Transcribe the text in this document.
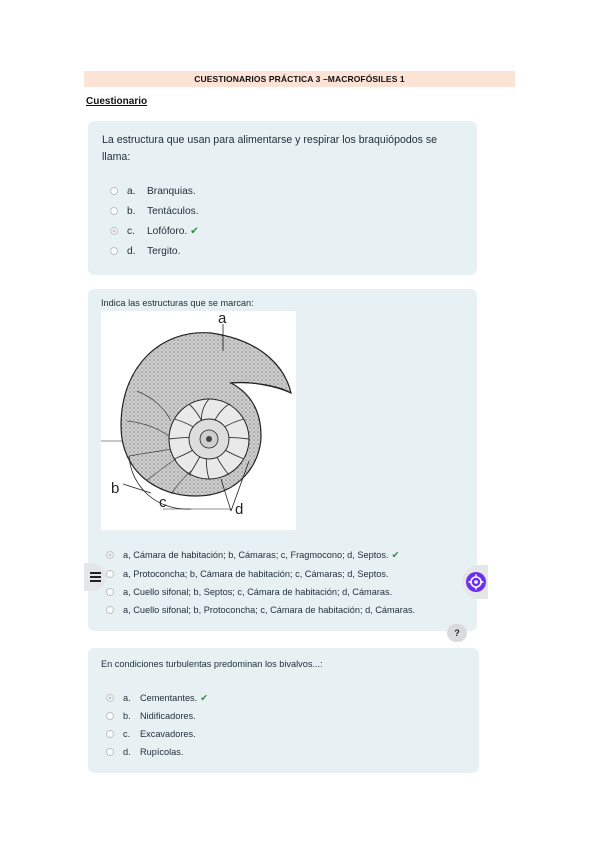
CUESTIONARIOS PRÁCTICA 3 –MACROFÓSILES 1
Cuestionario
La estructura que usan para alimentarse y respirar los braquiópodos se llama:
a.	Branquias.
b.	Tentáculos.
c.	Lofóforo. ✔
d.	Tergito.
Indica las estructuras que se marcan:
a
b
c	d
a, Cámara de habitación; b, Cámaras; c, Fragmocono; d, Septos. ✔
a, Protoconcha; b, Cámara de habitación; c, Cámaras; d, Septos.
a, Cuello sifonal; b, Septos; c, Cámara de habitación; d, Cámaras.
a, Cuello sifonal; b, Protoconcha; c, Cámara de habitación; d, Cámaras.
?
En condiciones turbulentas predominan los bivalvos...:
a.	Cementantes. ✔
b.	Nidificadores.
c.	Excavadores.
d.	Rupícolas.
